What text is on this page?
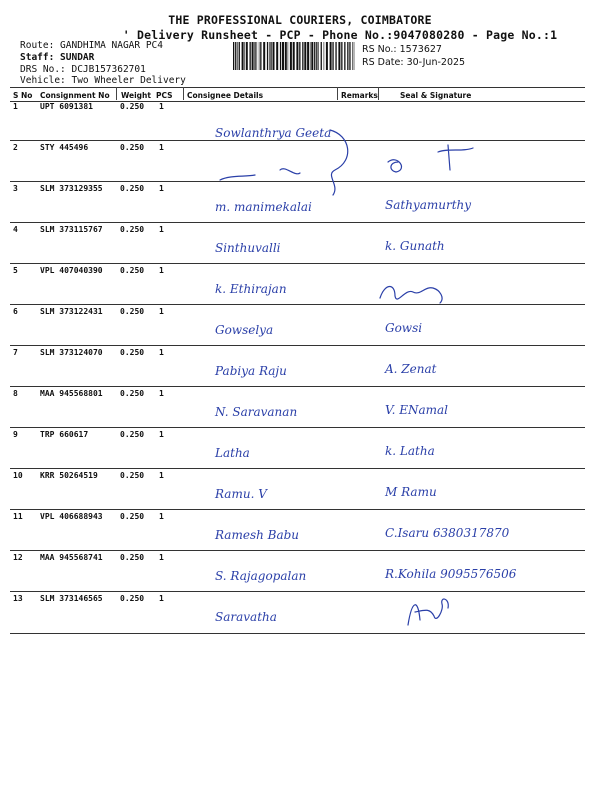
THE PROFESSIONAL COURIERS, COIMBATORE
' Delivery Runsheet - PCP - Phone No.:9047080280 - Page No.:1
Route: GANDHIMA NAGAR PC4
Staff: SUNDAR
DRS No.: DCJB157362701
Vehicle: Two Wheeler Delivery
RS No.: 1573627
RS Date: 30-Jun-2025
S No Consignment No Weight PCS Consignee Details	Remarks	Seal & Signature
1	UPT 6091381	0.250 1
Sowlanthrya Geeta
2	STY 445496	0.250 1
3	SLM 373129355 0.250 1
m. manimekalai	Sathyamurthy
4	SLM 373115767 0.250 1
Sinthuvalli	k. Gunath
5	VPL 407040390 0.250 1
k. Ethirajan
6	SLM 373122431 0.250 1
Gowselya	Gowsi
7	SLM 373124070 0.250 1
Pabiya Raju	A. Zenat
8	MAA 945568801 0.250 1
N. Saravanan	V. ENamal
9	TRP 660617	0.250 1
Latha	k. Latha
10 KRR 50264519	0.250 1
Ramu. V	M Ramu
11 VPL 406688943 0.250 1
Ramesh Babu	C.Isaru 6380317870
12 MAA 945568741 0.250 1
S. Rajagopalan	R.Kohila 9095576506
13 SLM 373146565 0.250 1
Saravatha
